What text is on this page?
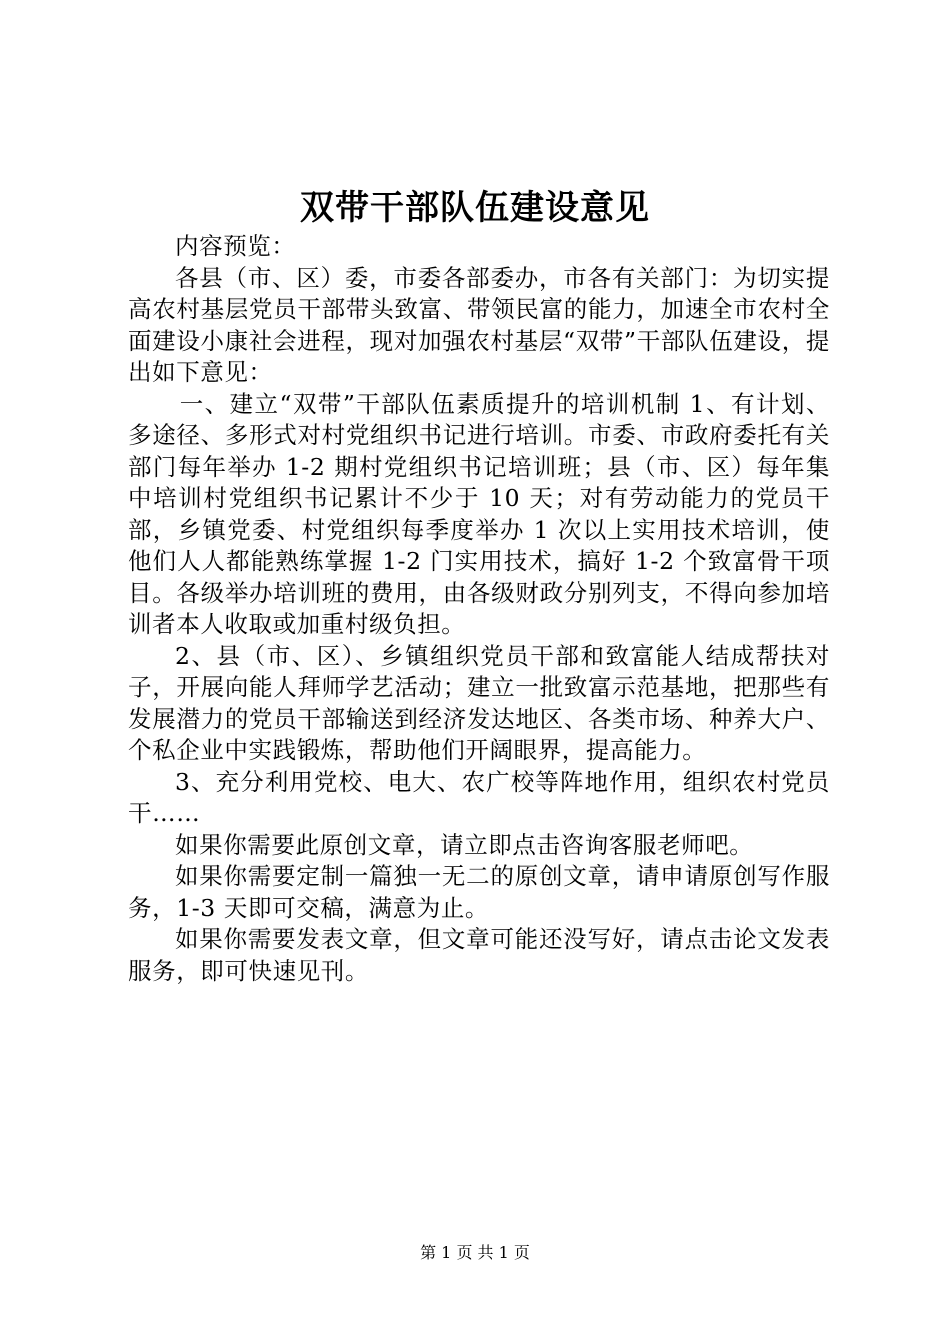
双带干部队伍建设意见

内容预览：

各县（市、区）委，市委各部委办，市各有关部门：为切实提高农村基层党员干部带头致富、带领民富的能力，加速全市农村全面建设小康社会进程，现对加强农村基层“双带”干部队伍建设，提出如下意见：

一、建立“双带”干部队伍素质提升的培训机制 1、有计划、多途径、多形式对村党组织书记进行培训。市委、市政府委托有关部门每年举办 1-2 期村党组织书记培训班；县（市、区）每年集中培训村党组织书记累计不少于 10 天；对有劳动能力的党员干部，乡镇党委、村党组织每季度举办 1 次以上实用技术培训，使他们人人都能熟练掌握 1-2 门实用技术，搞好 1-2 个致富骨干项目。各级举办培训班的费用，由各级财政分别列支，不得向参加培训者本人收取或加重村级负担。

2、县（市、区）、乡镇组织党员干部和致富能人结成帮扶对子，开展向能人拜师学艺活动；建立一批致富示范基地，把那些有发展潜力的党员干部输送到经济发达地区、各类市场、种养大户、个私企业中实践锻炼，帮助他们开阔眼界，提高能力。

3、充分利用党校、电大、农广校等阵地作用，组织农村党员干……

如果你需要此原创文章，请立即点击咨询客服老师吧。

如果你需要定制一篇独一无二的原创文章，请申请原创写作服务，1-3 天即可交稿，满意为止。

如果你需要发表文章，但文章可能还没写好，请点击论文发表服务，即可快速见刊。

第 1 页 共 1 页
